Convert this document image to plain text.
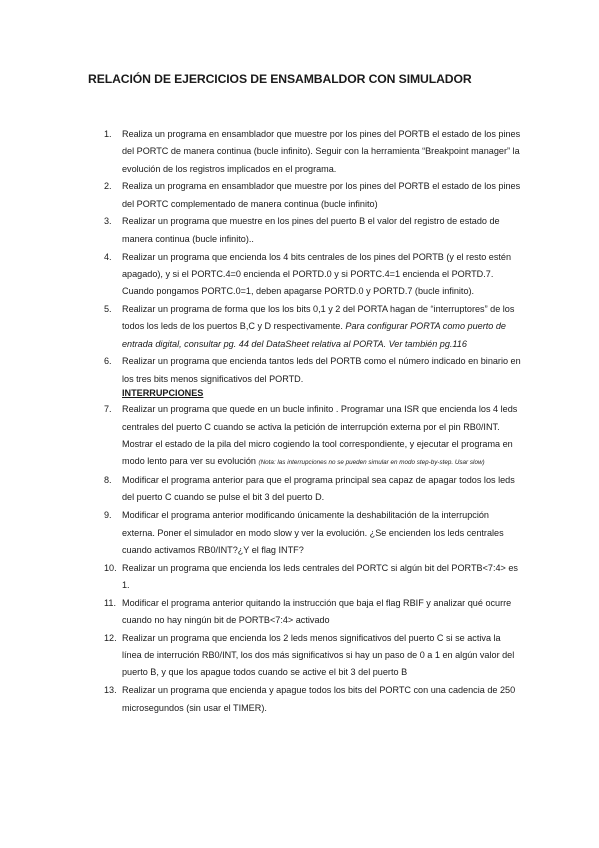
RELACIÓN DE EJERCICIOS DE ENSAMBALDOR CON SIMULADOR
1. Realiza un programa en ensamblador que muestre por los pines del PORTB el estado de los pines del PORTC de manera continua (bucle infinito). Seguir con la herramienta “Breakpoint manager” la evolución de los registros implicados en el programa.
2. Realiza un programa en ensamblador que muestre por los pines del PORTB el estado de los pines del PORTC complementado de manera continua (bucle infinito)
3. Realizar un programa que muestre en los pines del puerto B el valor del registro de estado de manera continua (bucle infinito)..
4. Realizar un programa que encienda los 4 bits centrales de los pines del PORTB (y el resto estén apagado), y si el PORTC.4=0 encienda el PORTD.0 y si PORTC.4=1 encienda el PORTD.7. Cuando pongamos PORTC.0=1, deben apagarse PORTD.0 y PORTD.7 (bucle infinito).
5. Realizar un programa de forma que los los bits 0,1 y 2 del PORTA hagan de “interruptores” de los todos los leds de los puertos B,C y D respectivamente. Para configurar PORTA como puerto de entrada digital, consultar pg. 44 del DataSheet relativa al PORTA. Ver también pg.116
6. Realizar un programa que encienda tantos leds del PORTB como el número indicado en binario en los tres bits menos significativos del PORTD.
INTERRUPCIONES
7. Realizar un programa que quede en un bucle infinito . Programar una ISR que encienda los 4 leds centrales del puerto C cuando se activa la petición de interrupción externa por el pin RB0/INT. Mostrar el estado de la pila del micro cogiendo la tool correspondiente, y ejecutar el programa en modo lento para ver su evolución (Nota: las interrupciones no se pueden simular en modo step-by-step. Usar slow)
8. Modificar el programa anterior para que el programa principal sea capaz de apagar todos los leds del puerto C cuando se pulse el bit 3 del puerto D.
9. Modificar el programa anterior modificando únicamente la deshabilitación de la interrupción externa. Poner el simulador en modo slow y ver la evolución. ¿Se encienden los leds centrales cuando activamos RB0/INT?¿Y el flag INTF?
10. Realizar un programa que encienda los leds centrales del PORTC si algún bit del PORTB<7:4> es 1.
11. Modificar el programa anterior quitando la instrucción que baja el flag RBIF y analizar qué ocurre cuando no hay ningún bit de PORTB<7:4> activado
12. Realizar un programa que encienda los 2 leds menos significativos del puerto C si se activa la línea de interrución RB0/INT, los dos más significativos si hay un paso de 0 a 1 en algún valor del puerto B, y que los apague todos cuando se active el bit 3 del puerto B
13. Realizar un programa que encienda y apague todos los bits del PORTC con una cadencia de 250 microsegundos (sin usar el TIMER).
